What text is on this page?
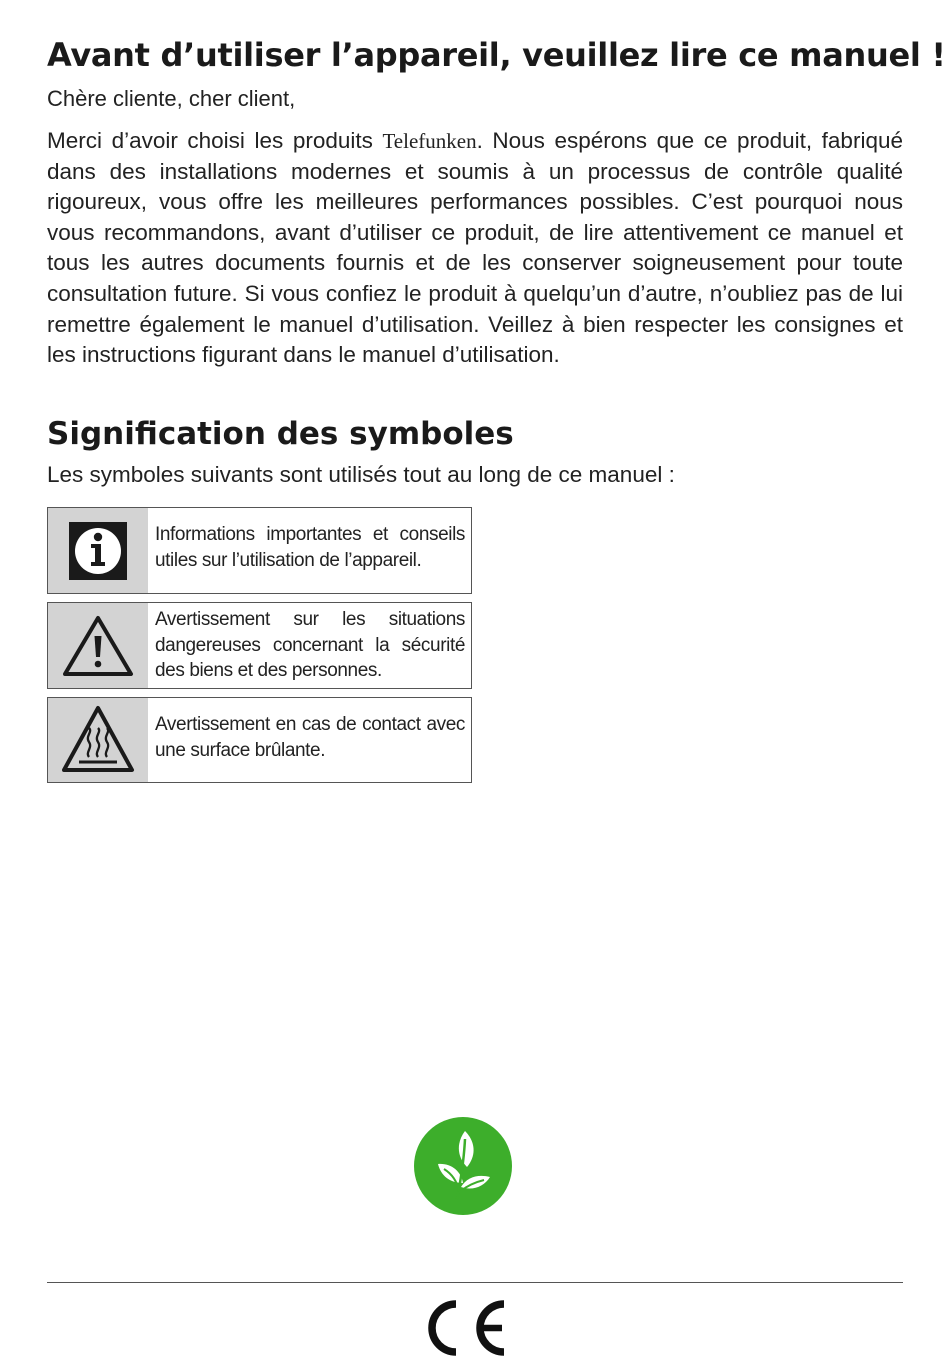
Avant d’utiliser l’appareil, veuillez lire ce manuel !

Chère cliente, cher client,

Merci d’avoir choisi les produits Telefunken. Nous espérons que ce produit, fabriqué dans des installations modernes et soumis à un processus de contrôle qualité rigoureux, vous offre les meilleures performances possibles. C’est pourquoi nous vous recommandons, avant d’utiliser ce produit, de lire attentivement ce manuel et tous les autres documents fournis et de les conserver soigneusement pour toute consultation future. Si vous confiez le produit à quelqu’un d’autre, n’oubliez pas de lui remettre également le manuel d’utilisation. Veillez à bien respecter les consignes et les instructions figurant dans le manuel d’utilisation.

Signification des symboles

Les symboles suivants sont utilisés tout au long de ce manuel :

Informations importantes et conseils utiles sur l’utilisation de l’appareil.
Avertissement sur les situations dangereuses concernant la sécurité des biens et des personnes.
Avertissement en cas de contact avec une surface brûlante.
